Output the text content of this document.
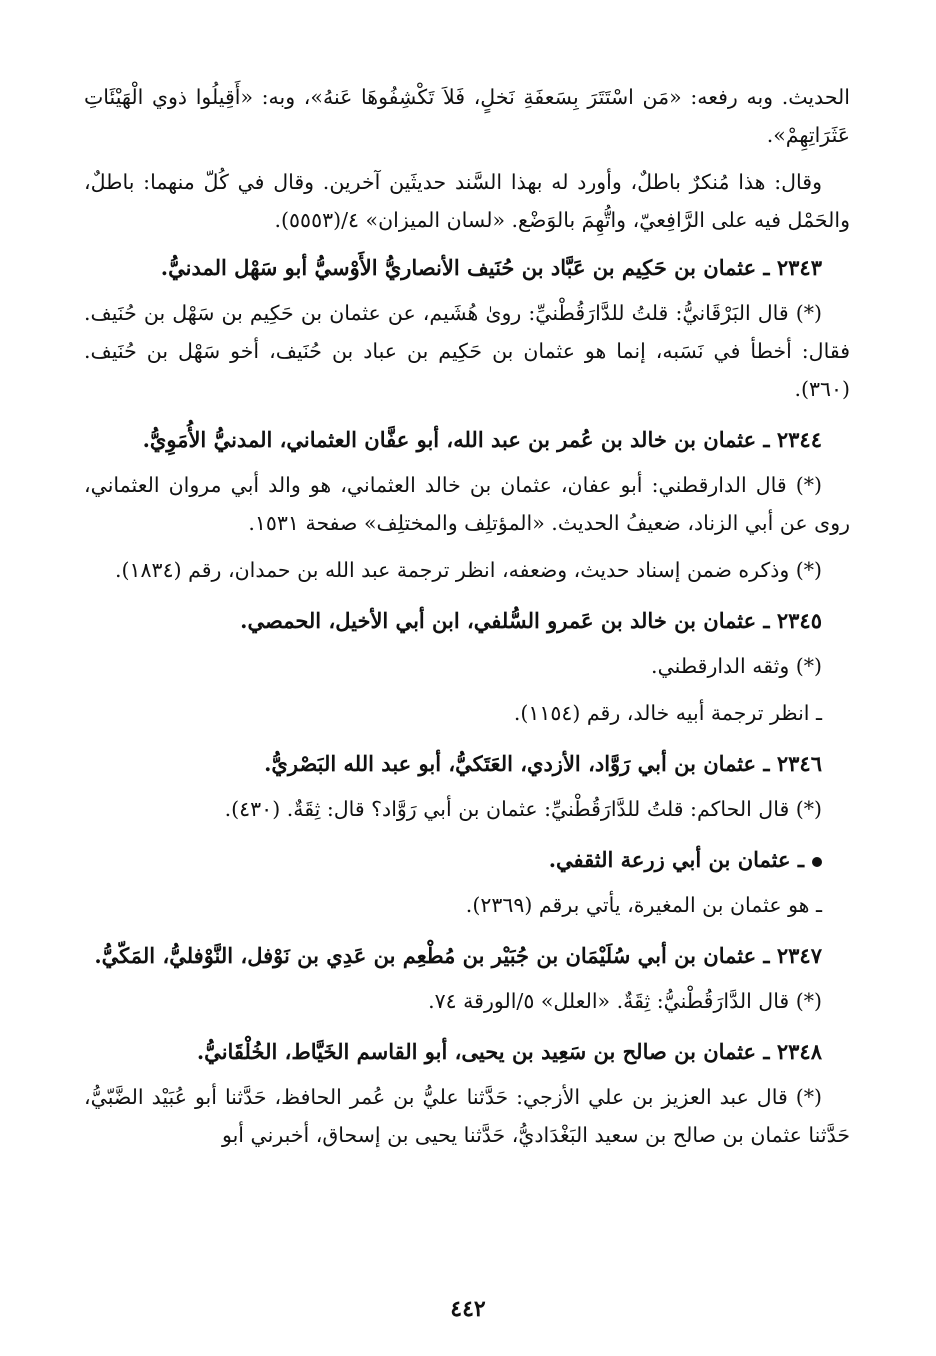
الحديث. وبه رفعه: «مَن اسْتَتَرَ بِسَعفَةِ نَخلٍ، فَلاَ تَكْشِفُوهَا عَنهُ»، وبه: «أَقِيلُوا ذوي الْهَيْئَاتِ عَثَرَاتِهِمْ».

وقال: هذا مُنكرٌ باطلٌ، وأورد له بهذا السَّند حديثَين آخرين. وقال في كُلّ منهما: باطلٌ، والحَمْل فيه على الرَّافِعيّ، واتُّهِمَ بالوَضْع. «لسان الميزان» ٤/(٥٥٥٣).

٢٣٤٣ ـ عثمان بن حَكِيم بن عَبَّاد بن حُنَيف الأنصاريُّ الأَوْسيُّ أبو سَهْل المدنيُّ.

(*) قال البَرْقَانيُّ: قلتُ للدَّارَقُطْنيِّ: روىٰ هُشَيم، عن عثمان بن حَكِيم بن سَهْل بن حُنَيف. فقال: أخطأ في نَسَبه، إنما هو عثمان بن حَكِيم بن عباد بن حُنَيف، أخو سَهْل بن حُنَيف. (٣٦٠).

٢٣٤٤ ـ عثمان بن خالد بن عُمر بن عبد الله، أبو عفَّان العثماني، المدنيُّ الأُمَوِيُّ.

(*) قال الدارقطني: أبو عفان، عثمان بن خالد العثماني، هو والد أبي مروان العثماني، روى عن أبي الزناد، ضعيفُ الحديث. «المؤتلِف والمختلِف» صفحة ١٥٣١.

(*) وذكره ضمن إسناد حديث، وضعفه، انظر ترجمة عبد الله بن حمدان، رقم (١٨٣٤).

٢٣٤٥ ـ عثمان بن خالد بن عَمرو السُّلفي، ابن أبي الأخيل، الحمصي.

(*) وثقه الدارقطني.

ـ انظر ترجمة أبيه خالد، رقم (١١٥٤).

٢٣٤٦ ـ عثمان بن أبي رَوَّاد، الأزدي، العَتَكيُّ، أبو عبد الله البَصْريُّ.

(*) قال الحاكم: قلتُ للدَّارَقُطْنيِّ: عثمان بن أبي رَوَّاد؟ قال: ثِقَةٌ. (٤٣٠).

ـ عثمان بن أبي زرعة الثقفي.

ـ هو عثمان بن المغيرة، يأتي برقم (٢٣٦٩).

٢٣٤٧ ـ عثمان بن أبي سُلَيْمَان بن جُبَيْر بن مُطْعِم بن عَدِي بن نَوْفل، النَّوْفليُّ، المَكّيُّ.

(*) قال الدَّارَقُطْنيُّ: ثِقَةٌ. «العلل» ٥/الورقة ٧٤.

٢٣٤٨ ـ عثمان بن صالح بن سَعِيد بن يحيى، أبو القاسم الخَيَّاط، الخُلْقَانيُّ.

(*) قال عبد العزيز بن علي الأزجي: حَدَّثنا عليُّ بن عُمر الحافظ، حَدَّثنا أبو عُبَيْد الضَّبّيُّ، حَدَّثنا عثمان بن صالح بن سعيد البَغْدَاديُّ، حَدَّثنا يحيى بن إسحاق، أخبرني أبو

٤٤٢
